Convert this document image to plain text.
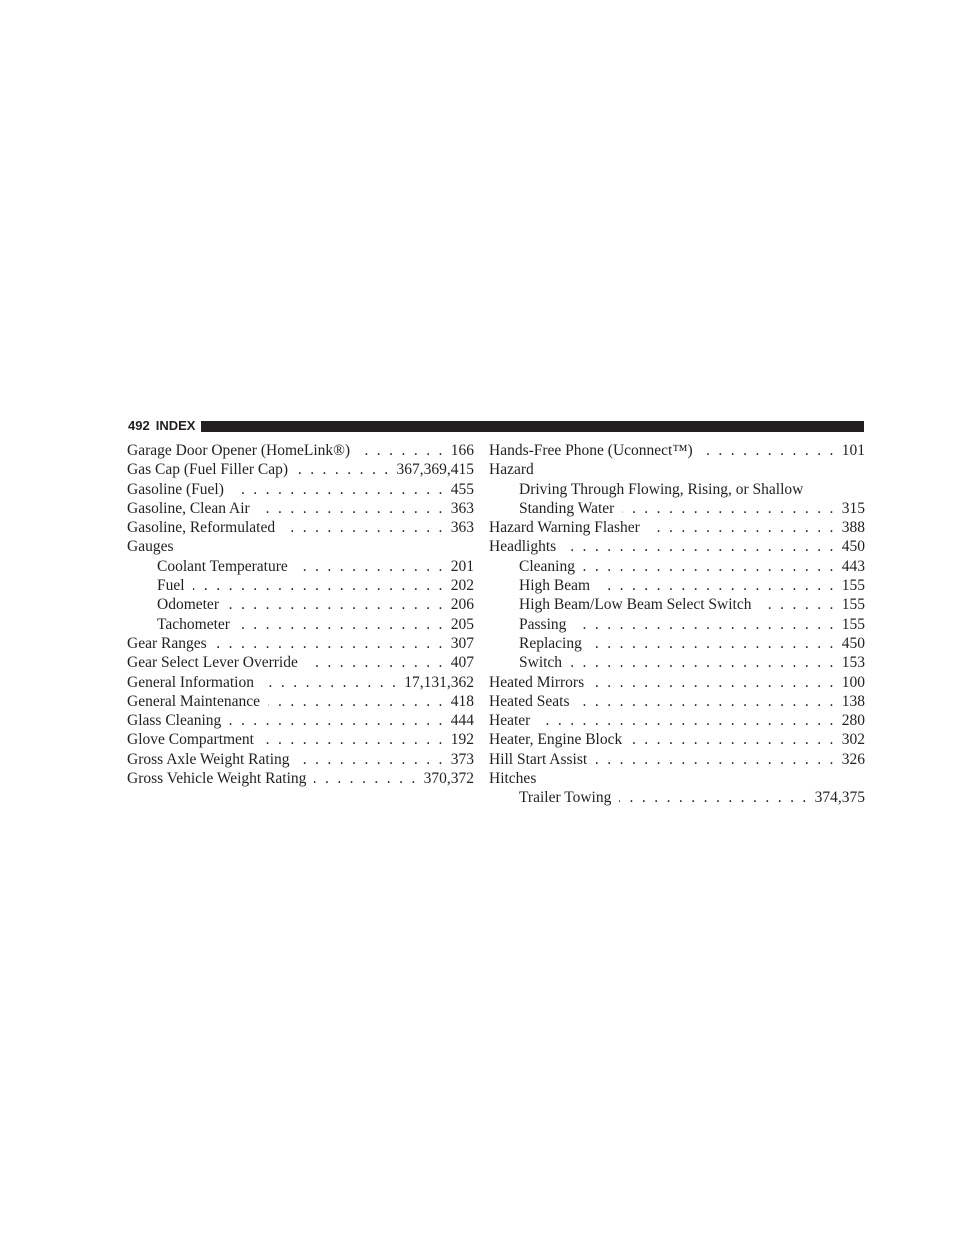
492 INDEX
Garage Door Opener (HomeLink®) . . .	166
Gas Cap (Fuel Filler Cap) . . .	367,369,415
Gasoline (Fuel) . . .	455
Gasoline, Clean Air . . .	363
Gasoline, Reformulated . . .	363
Gauges
Coolant Temperature . . .	201
Fuel . . .	202
Odometer . . .	206
Tachometer . . .	205
Gear Ranges . . .	307
Gear Select Lever Override . . .	407
General Information . . .	17,131,362
General Maintenance . . .	418
Glass Cleaning . . .	444
Glove Compartment . . .	192
Gross Axle Weight Rating . . .	373
Gross Vehicle Weight Rating . . .	370,372
Hands-Free Phone (Uconnect™) . . .	101
Hazard
Driving Through Flowing, Rising, or Shallow
Standing Water . . .	315
Hazard Warning Flasher . . .	388
Headlights . . .	450
Cleaning . . .	443
High Beam . . .	155
High Beam/Low Beam Select Switch . . .	155
Passing . . .	155
Replacing . . .	450
Switch . . .	153
Heated Mirrors . . .	100
Heated Seats . . .	138
Heater . . .	280
Heater, Engine Block . . .	302
Hill Start Assist . . .	326
Hitches
Trailer Towing . . .	374,375
